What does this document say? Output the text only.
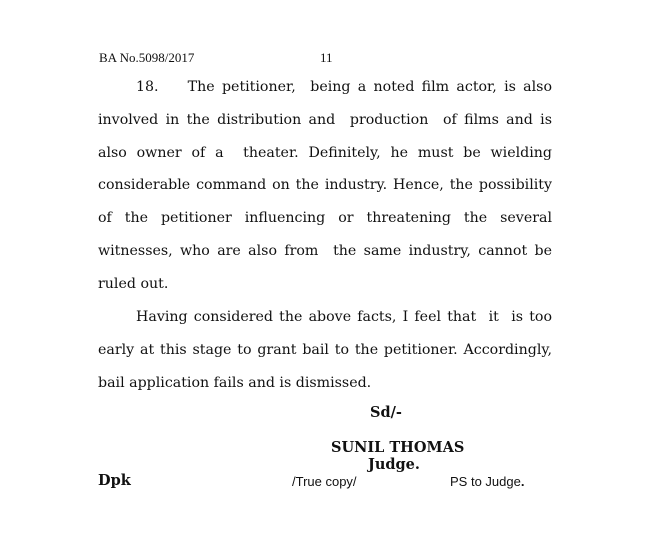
BA No.5098/2017	11
18.    The petitioner,  being a noted film actor, is also
involved in the distribution and  production  of films and is
also owner of a  theater. Definitely, he must be wielding
considerable command on the industry. Hence, the possibility
of the petitioner influencing or threatening the several
witnesses, who are also from  the same industry, cannot be
ruled out.
Having considered the above facts, I feel that  it  is too
early at this stage to grant bail to the petitioner. Accordingly,
bail application fails and is dismissed.
Sd/-
SUNIL THOMAS
Judge.
Dpk	/True copy/	PS to Judge.
